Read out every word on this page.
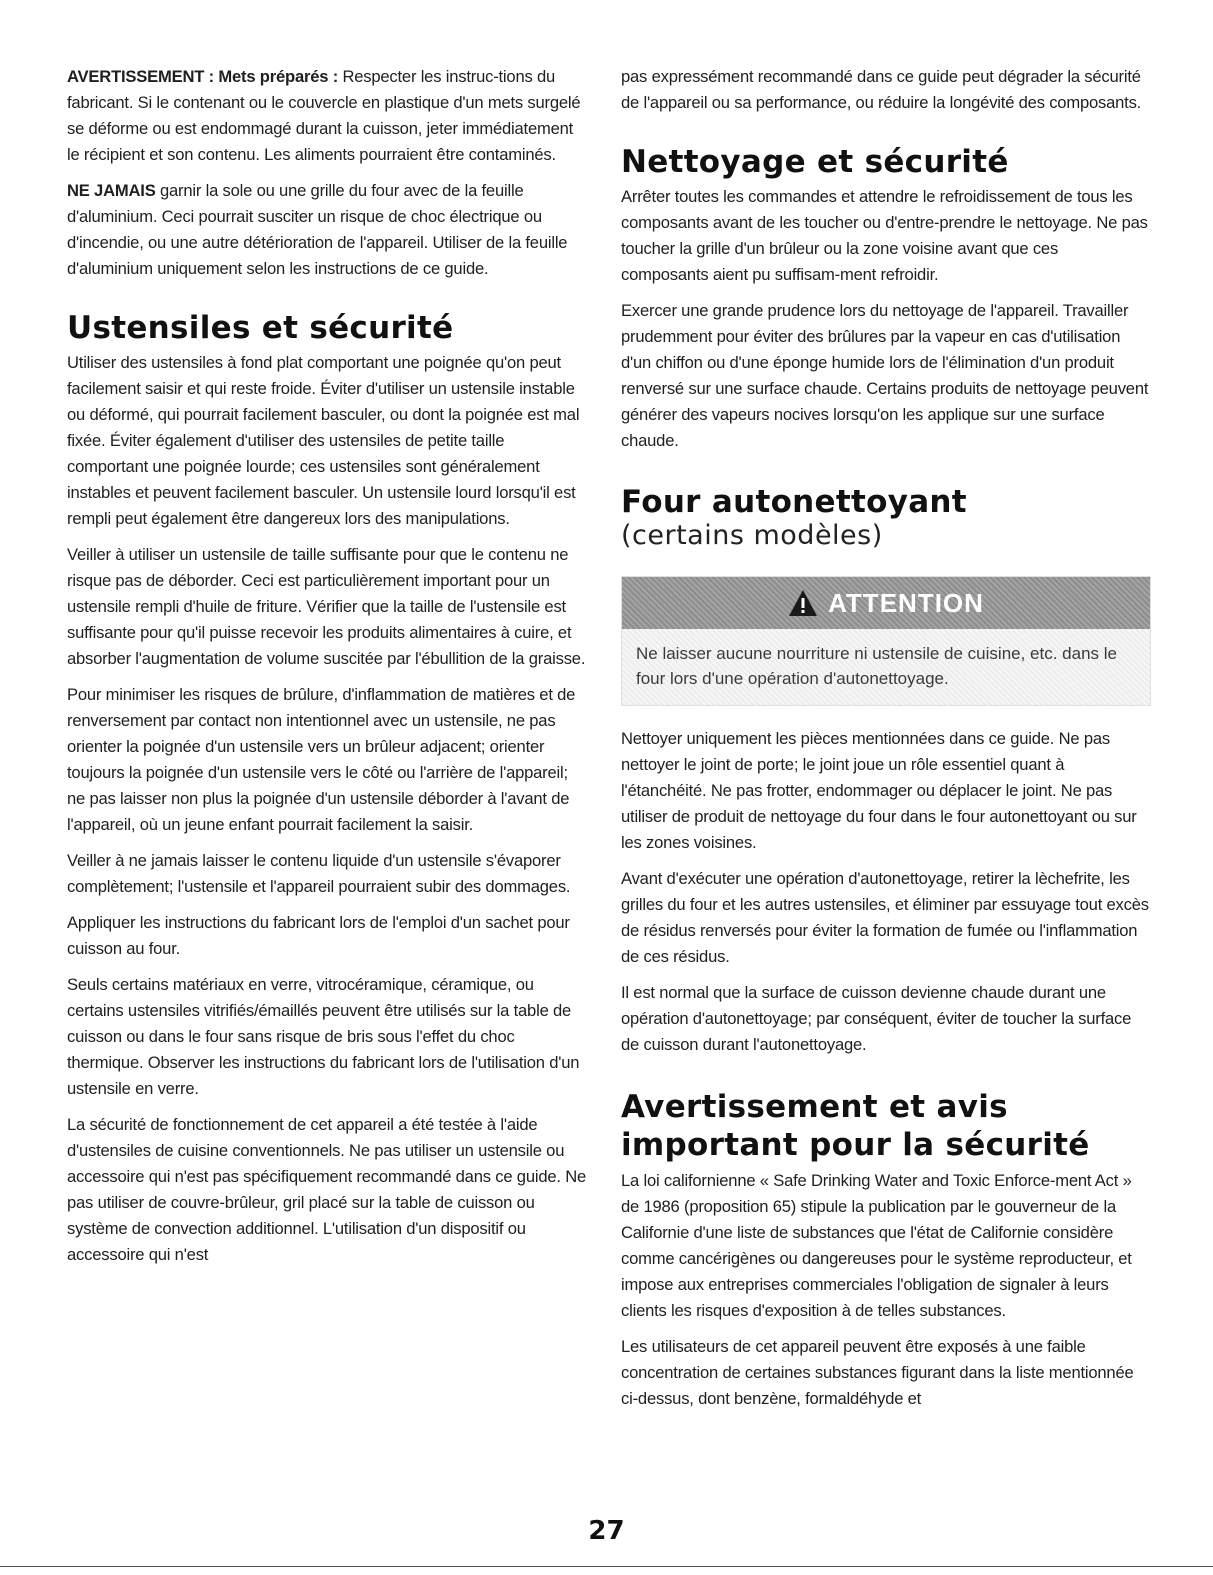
AVERTISSEMENT : Mets préparés : Respecter les instruc-tions du fabricant. Si le contenant ou le couvercle en plastique d'un mets surgelé se déforme ou est endommagé durant la cuisson, jeter immédiatement le récipient et son contenu. Les aliments pourraient être contaminés.

NE JAMAIS garnir la sole ou une grille du four avec de la feuille d'aluminium. Ceci pourrait susciter un risque de choc électrique ou d'incendie, ou une autre détérioration de l'appareil. Utiliser de la feuille d'aluminium uniquement selon les instructions de ce guide.

Ustensiles et sécurité

Utiliser des ustensiles à fond plat comportant une poignée qu'on peut facilement saisir et qui reste froide. Éviter d'utiliser un ustensile instable ou déformé, qui pourrait facilement basculer, ou dont la poignée est mal fixée. Éviter également d'utiliser des ustensiles de petite taille comportant une poignée lourde; ces ustensiles sont généralement instables et peuvent facilement basculer. Un ustensile lourd lorsqu'il est rempli peut également être dangereux lors des manipulations.

Veiller à utiliser un ustensile de taille suffisante pour que le contenu ne risque pas de déborder. Ceci est particulièrement important pour un ustensile rempli d'huile de friture. Vérifier que la taille de l'ustensile est suffisante pour qu'il puisse recevoir les produits alimentaires à cuire, et absorber l'augmentation de volume suscitée par l'ébullition de la graisse.

Pour minimiser les risques de brûlure, d'inflammation de matières et de renversement par contact non intentionnel avec un ustensile, ne pas orienter la poignée d'un ustensile vers un brûleur adjacent; orienter toujours la poignée d'un ustensile vers le côté ou l'arrière de l'appareil; ne pas laisser non plus la poignée d'un ustensile déborder à l'avant de l'appareil, où un jeune enfant pourrait facilement la saisir.

Veiller à ne jamais laisser le contenu liquide d'un ustensile s'évaporer complètement; l'ustensile et l'appareil pourraient subir des dommages.

Appliquer les instructions du fabricant lors de l'emploi d'un sachet pour cuisson au four.

Seuls certains matériaux en verre, vitrocéramique, céramique, ou certains ustensiles vitrifiés/émaillés peuvent être utilisés sur la table de cuisson ou dans le four sans risque de bris sous l'effet du choc thermique. Observer les instructions du fabricant lors de l'utilisation d'un ustensile en verre.

La sécurité de fonctionnement de cet appareil a été testée à l'aide d'ustensiles de cuisine conventionnels. Ne pas utiliser un ustensile ou accessoire qui n'est pas spécifiquement recommandé dans ce guide. Ne pas utiliser de couvre-brûleur, gril placé sur la table de cuisson ou système de convection additionnel. L'utilisation d'un dispositif ou accessoire qui n'est

pas expressément recommandé dans ce guide peut dégrader la sécurité de l'appareil ou sa performance, ou réduire la longévité des composants.

Nettoyage et sécurité

Arrêter toutes les commandes et attendre le refroidissement de tous les composants avant de les toucher ou d'entre-prendre le nettoyage. Ne pas toucher la grille d'un brûleur ou la zone voisine avant que ces composants aient pu suffisam-ment refroidir.

Exercer une grande prudence lors du nettoyage de l'appareil. Travailler prudemment pour éviter des brûlures par la vapeur en cas d'utilisation d'un chiffon ou d'une éponge humide lors de l'élimination d'un produit renversé sur une surface chaude. Certains produits de nettoyage peuvent générer des vapeurs nocives lorsqu'on les applique sur une surface chaude.

Four autonettoyant
(certains modèles)
ATTENTION
Ne laisser aucune nourriture ni ustensile de cuisine, etc. dans le four lors d'une opération d'autonettoyage.

Nettoyer uniquement les pièces mentionnées dans ce guide. Ne pas nettoyer le joint de porte; le joint joue un rôle essentiel quant à l'étanchéité. Ne pas frotter, endommager ou déplacer le joint. Ne pas utiliser de produit de nettoyage du four dans le four autonettoyant ou sur les zones voisines.

Avant d'exécuter une opération d'autonettoyage, retirer la lèchefrite, les grilles du four et les autres ustensiles, et éliminer par essuyage tout excès de résidus renversés pour éviter la formation de fumée ou l'inflammation de ces résidus.

Il est normal que la surface de cuisson devienne chaude durant une opération d'autonettoyage; par conséquent, éviter de toucher la surface de cuisson durant l'autonettoyage.

Avertissement et avis
important pour la sécurité

La loi californienne « Safe Drinking Water and Toxic Enforce-ment Act » de 1986 (proposition 65) stipule la publication par le gouverneur de la Californie d'une liste de substances que l'état de Californie considère comme cancérigènes ou dangereuses pour le système reproducteur, et impose aux entreprises commerciales l'obligation de signaler à leurs clients les risques d'exposition à de telles substances.

Les utilisateurs de cet appareil peuvent être exposés à une faible concentration de certaines substances figurant dans la liste mentionnée ci-dessus, dont benzène, formaldéhyde et

27
